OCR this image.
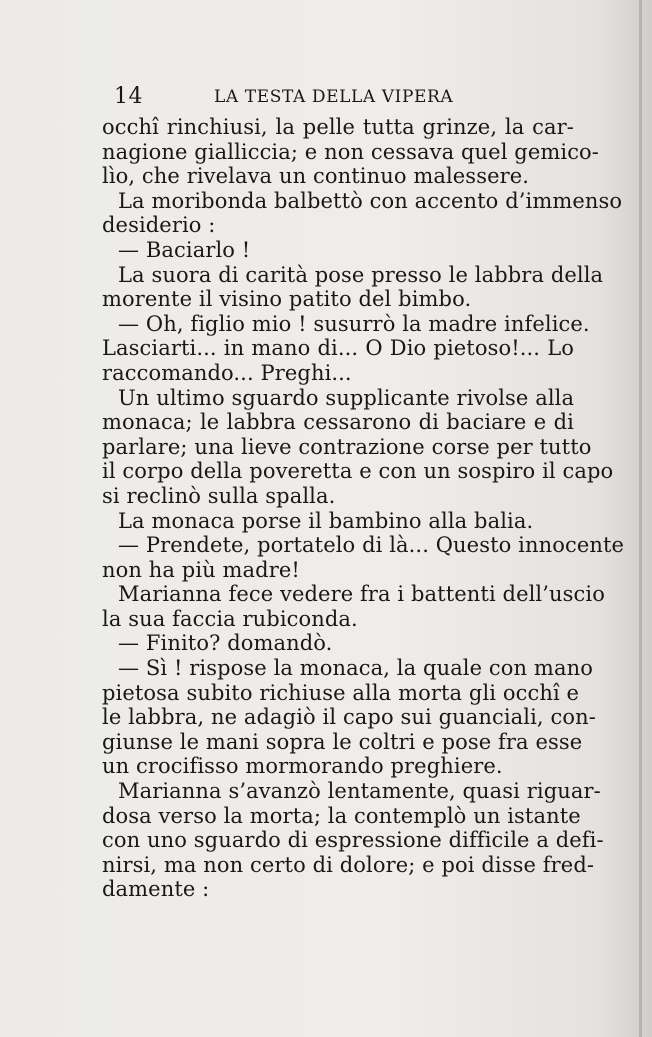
14	LA TESTA DELLA VIPERA
occhî rinchiusi, la pelle tutta grinze, la car-
nagione gialliccia; e non cessava quel gemico-
lìo, che rivelava un continuo malessere.
La moribonda balbettò con accento d’immenso
desiderio :
— Baciarlo !
La suora di carità pose presso le labbra della
morente il visino patito del bimbo.
— Oh, figlio mio ! susurrò la madre infelice.
Lasciarti... in mano di... O Dio pietoso!... Lo
raccomando... Preghi...
Un ultimo sguardo supplicante rivolse alla
monaca; le labbra cessarono di baciare e di
parlare; una lieve contrazione corse per tutto
il corpo della poveretta e con un sospiro il capo
si reclinò sulla spalla.
La monaca porse il bambino alla balia.
— Prendete, portatelo di là... Questo innocente
non ha più madre!
Marianna fece vedere fra i battenti dell’uscio
la sua faccia rubiconda.
— Finito? domandò.
— Sì ! rispose la monaca, la quale con mano
pietosa subito richiuse alla morta gli occhî e
le labbra, ne adagiò il capo sui guanciali, con-
giunse le mani sopra le coltri e pose fra esse
un crocifisso mormorando preghiere.
Marianna s’avanzò lentamente, quasi riguar-
dosa verso la morta; la contemplò un istante
con uno sguardo di espressione difficile a defi-
nirsi, ma non certo di dolore; e poi disse fred-
damente :
